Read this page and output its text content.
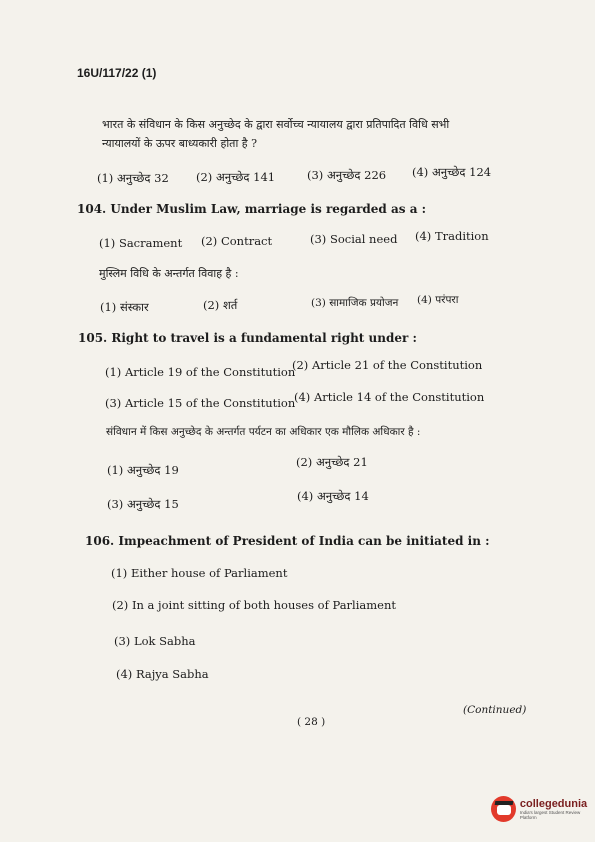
16U/117/22 (1)
भारत के संविधान के किस अनुच्छेद के द्वारा सर्वोच्च न्यायालय द्वारा प्रतिपादित विधि सभी
न्यायालयों के ऊपर बाध्यकारी होता है ?
(1) अनुच्छेद 32 (2) अनुच्छेद 141	(3) अनुच्छेद 226 (4) अनुच्छेद 124
104. Under Muslim Law, marriage is regarded as a :
(1) Sacrament (2) Contract	(3) Social need (4) Tradition
मुस्लिम विधि के अन्तर्गत विवाह है :
(1) संस्कार	(2) शर्त	(3) सामाजिक प्रयोजन (4) परंपरा
105. Right to travel is a fundamental right under :
(1) Article 19 of the Constitution
(2) Article 21 of the Constitution
(3) Article 15 of the Constitution
(4) Article 14 of the Constitution
संविधान में किस अनुच्छेद के अन्तर्गत पर्यटन का अधिकार एक मौलिक अधिकार है :
(1) अनुच्छेद 19
(2) अनुच्छेद 21
(3) अनुच्छेद 15
(4) अनुच्छेद 14
106. Impeachment of President of India can be initiated in :
(1) Either house of Parliament
(2) In a joint sitting of both houses of Parliament
(3) Lok Sabha
(4) Rajya Sabha
(Continued)
( 28 )
collegedunia
India's largest Student Review Platform
